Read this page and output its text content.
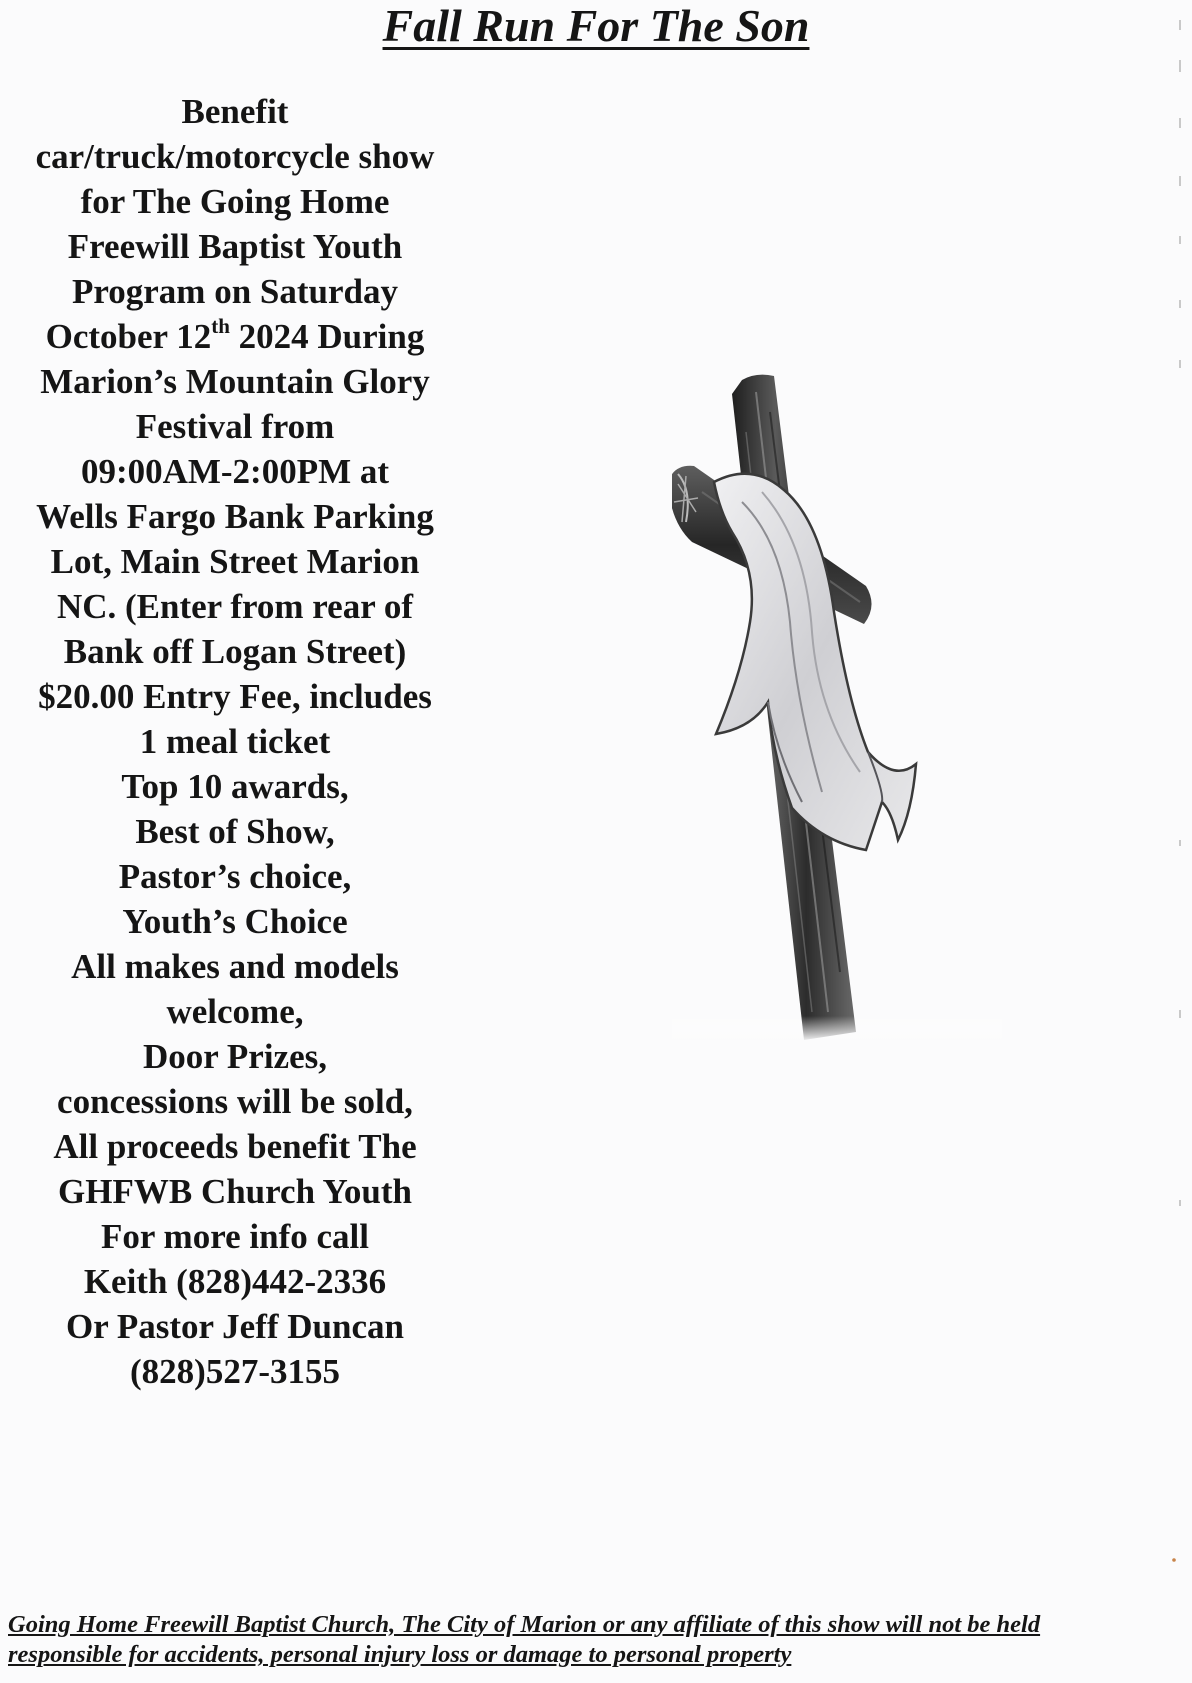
Fall Run For The Son
Benefit
car/truck/motorcycle show
for The Going Home
Freewill Baptist Youth
Program on Saturday
October 12th 2024 During
Marion’s Mountain Glory
Festival from
09:00AM-2:00PM at
Wells Fargo Bank Parking
Lot, Main Street Marion
NC. (Enter from rear of
Bank off Logan Street)
$20.00 Entry Fee, includes
1 meal ticket
Top 10 awards,
Best of Show,
Pastor’s choice,
Youth’s Choice
All makes and models
welcome,
Door Prizes,
concessions will be sold,
All proceeds benefit The
GHFWB Church Youth
For more info call
Keith (828)442-2336
Or Pastor Jeff Duncan
(828)527-3155

Going Home Freewill Baptist Church, The City of Marion or any affiliate of this show will not be held
responsible for accidents, personal injury loss or damage to personal property
